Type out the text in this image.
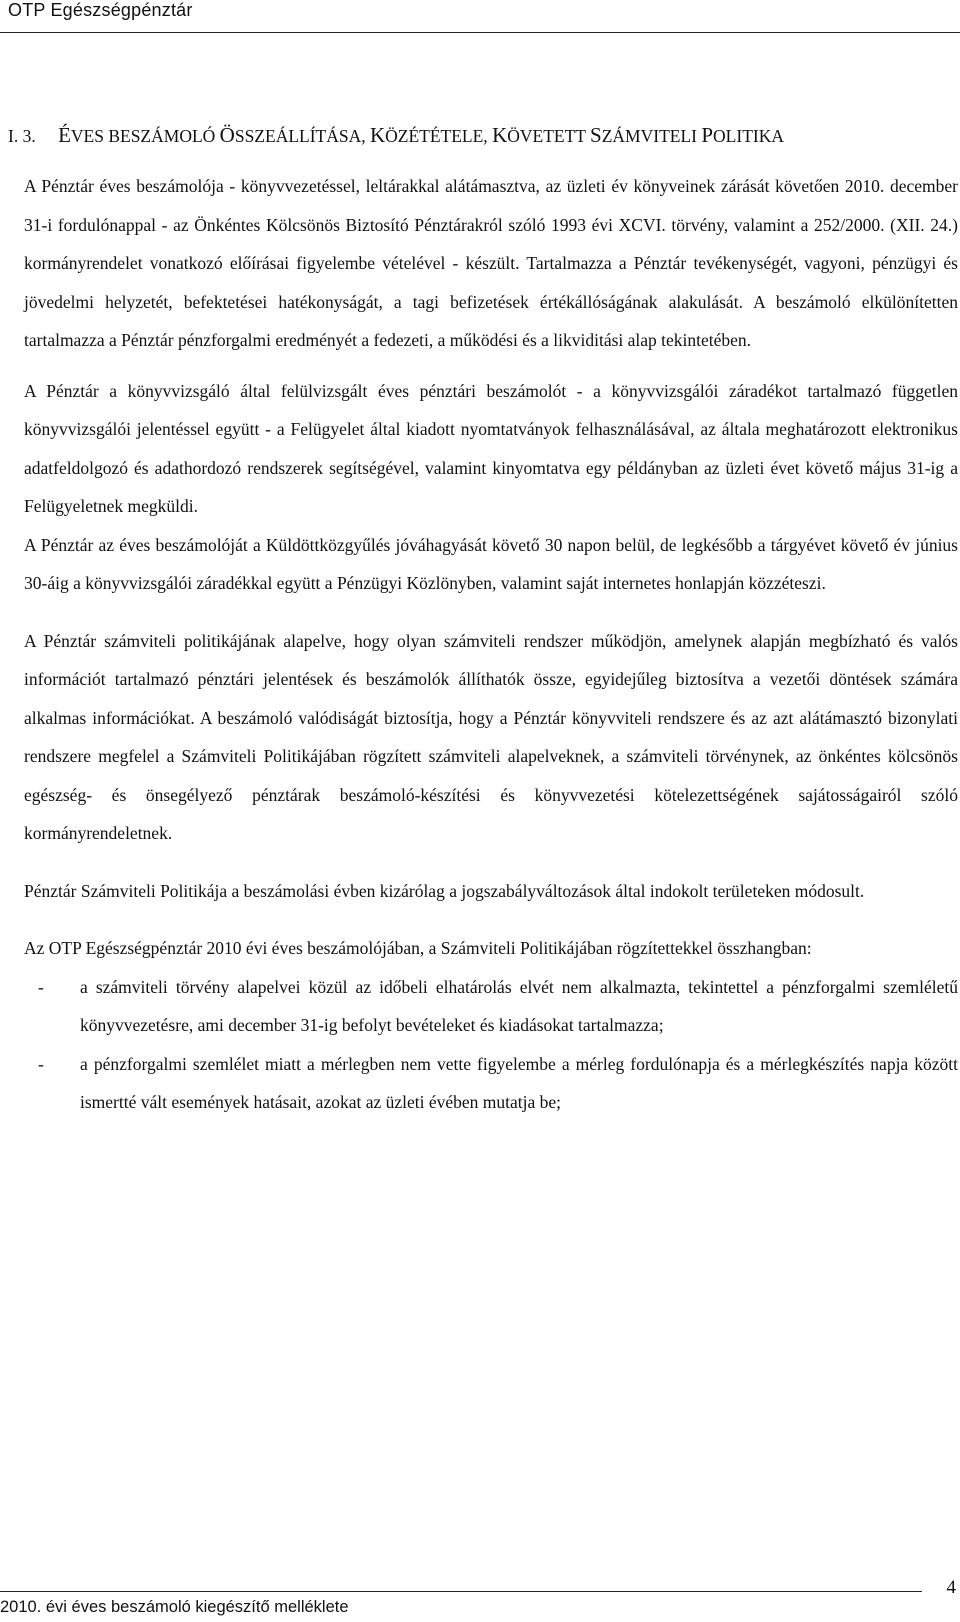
OTP Egészségpénztár
I. 3. ÉVES BESZÁMOLÓ ÖSSZEÁLLÍTÁSA, KÖZÉTÉTELE, KÖVETETT SZÁMVITELI POLITIKA

A Pénztár éves beszámolója - könyvvezetéssel, leltárakkal alátámasztva, az üzleti év könyveinek zárását követően 2010. december 31-i fordulónappal - az Önkéntes Kölcsönös Biztosító Pénztárakról szóló 1993 évi XCVI. törvény, valamint a 252/2000. (XII. 24.) kormányrendelet vonatkozó előírásai figyelembe vételével - készült. Tartalmazza a Pénztár tevékenységét, vagyoni, pénzügyi és jövedelmi helyzetét, befektetései hatékonyságát, a tagi befizetések értékállóságának alakulását. A beszámoló elkülönítetten tartalmazza a Pénztár pénzforgalmi eredményét a fedezeti, a működési és a likviditási alap tekintetében.

A Pénztár a könyvvizsgáló által felülvizsgált éves pénztári beszámolót - a könyvvizsgálói záradékot tartalmazó független könyvvizsgálói jelentéssel együtt - a Felügyelet által kiadott nyomtatványok felhasználásával, az általa meghatározott elektronikus adatfeldolgozó és adathordozó rendszerek segítségével, valamint kinyomtatva egy példányban az üzleti évet követő május 31-ig a Felügyeletnek megküldi.

A Pénztár az éves beszámolóját a Küldöttközgyűlés jóváhagyását követő 30 napon belül, de legkésőbb a tárgyévet követő év június 30-áig a könyvvizsgálói záradékkal együtt a Pénzügyi Közlönyben, valamint saját internetes honlapján közzéteszi.

A Pénztár számviteli politikájának alapelve, hogy olyan számviteli rendszer működjön, amelynek alapján megbízható és valós információt tartalmazó pénztári jelentések és beszámolók állíthatók össze, egyidejűleg biztosítva a vezetői döntések számára alkalmas információkat. A beszámoló valódiságát biztosítja, hogy a Pénztár könyvviteli rendszere és az azt alátámasztó bizonylati rendszere megfelel a Számviteli Politikájában rögzített számviteli alapelveknek, a számviteli törvénynek, az önkéntes kölcsönös egészség- és önsegélyező pénztárak beszámoló-készítési és könyvvezetési kötelezettségének sajátosságairól szóló kormányrendeletnek.

Pénztár Számviteli Politikája a beszámolási évben kizárólag a jogszabályváltozások által indokolt területeken módosult.

Az OTP Egészségpénztár 2010 évi éves beszámolójában, a Számviteli Politikájában rögzítettekkel összhangban:

- a számviteli törvény alapelvei közül az időbeli elhatárolás elvét nem alkalmazta, tekintettel a pénzforgalmi szemléletű könyvvezetésre, ami december 31-ig befolyt bevételeket és kiadásokat tartalmazza;
- a pénzforgalmi szemlélet miatt a mérlegben nem vette figyelembe a mérleg fordulónapja és a mérlegkészítés napja között ismertté vált események hatásait, azokat az üzleti évében mutatja be;
2010. évi éves beszámoló kiegészítő melléklete
4
